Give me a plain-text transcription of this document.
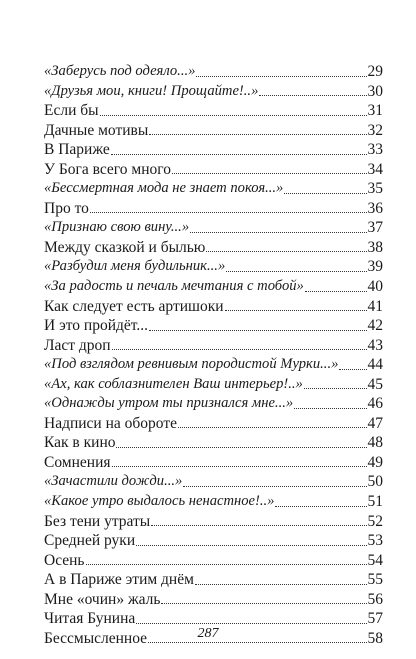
«Заберусь под одеяло...»	29
«Друзья мои, книги! Прощайте!..»	30
Если бы	31
Дачные мотивы	32
В Париже	33
У Бога всего много	34
«Бессмертная мода не знает покоя...»	35
Про то	36
«Признаю свою вину...»	37
Между сказкой и былью	38
«Разбудил меня будильник...»	39
«За радость и печаль мечтания с тобой»	40
Как следует есть артишоки	41
И это пройдёт...	42
Ласт дроп	43
«Под взглядом ревнивым породистой Мурки...» 44
«Ах, как соблазнителен Ваш интерьер!..»	45
«Однажды утром ты признался мне...»	46
Надписи на обороте	47
Как в кино	48
Сомнения	49
«Зачастили дожди...»	50
«Какое утро выдалось ненастное!..»	51
Без тени утраты	52
Средней руки	53
Осень	54
А в Париже этим днём	55
Мне «очин» жаль	56
Читая Бунина	57
Бессмысленное	58
287
